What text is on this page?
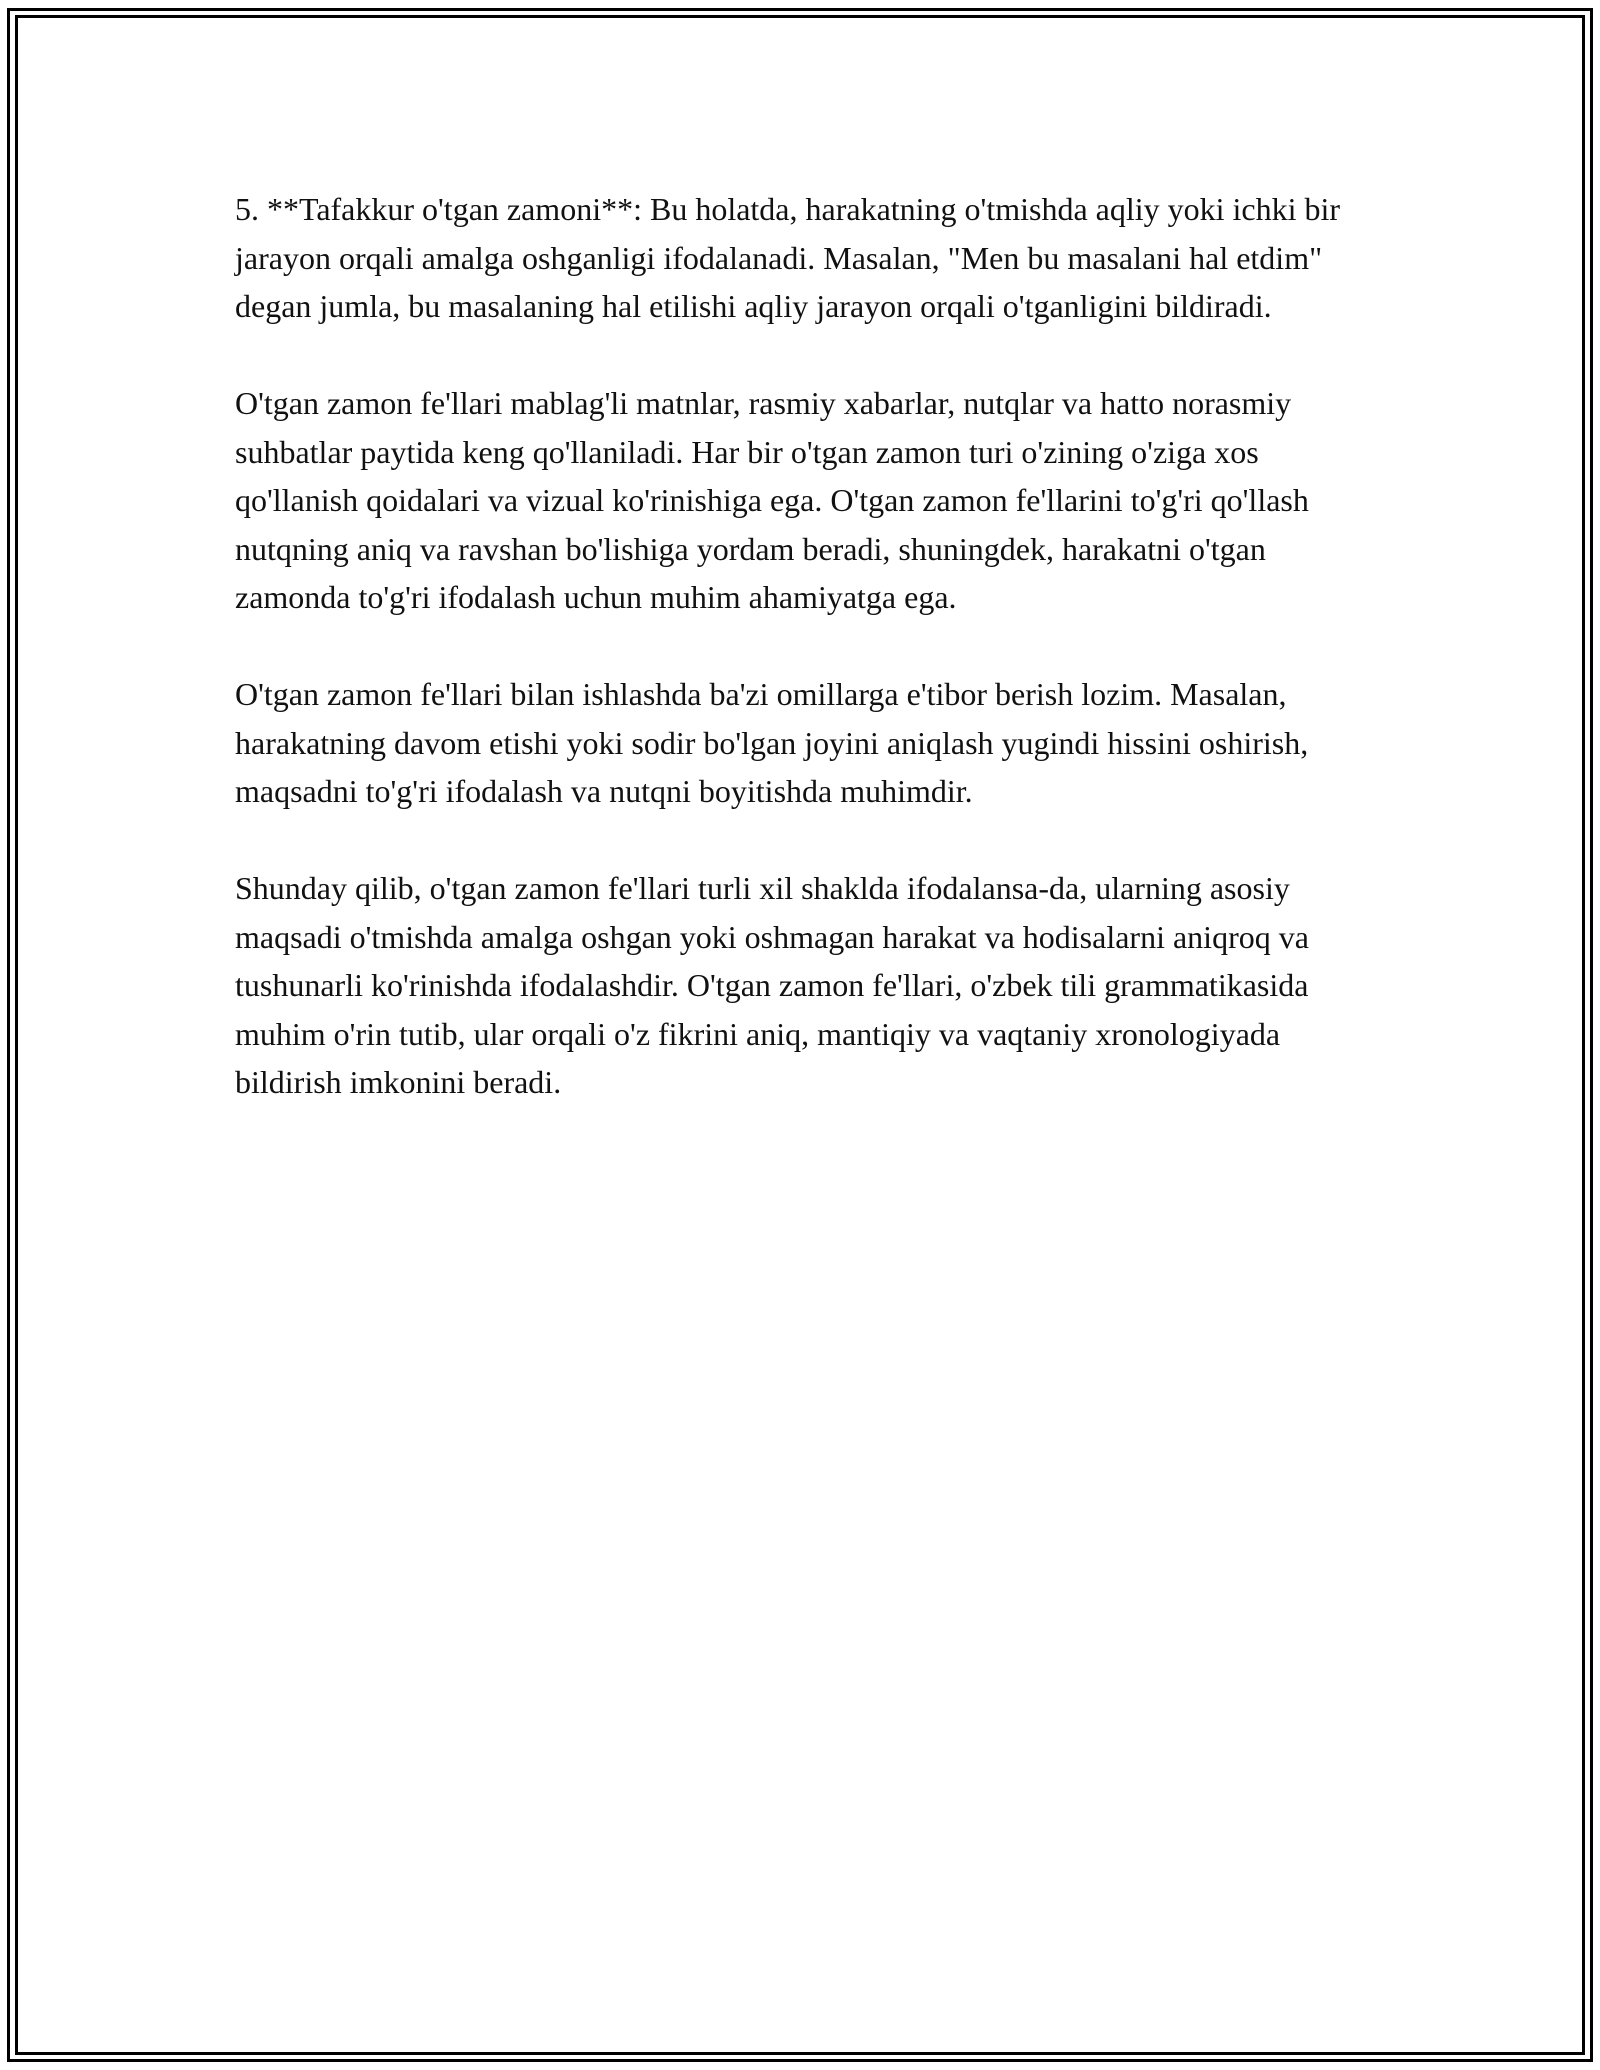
5. **Tafakkur o'tgan zamoni**: Bu holatda, harakatning o'tmishda aqliy yoki ichki bir jarayon orqali amalga oshganligi ifodalanadi. Masalan, "Men bu masalani hal etdim" degan jumla, bu masalaning hal etilishi aqliy jarayon orqali o'tganligini bildiradi.

O'tgan zamon fe'llari mablag'li matnlar, rasmiy xabarlar, nutqlar va hatto norasmiy suhbatlar paytida keng qo'llaniladi. Har bir o'tgan zamon turi o'zining o'ziga xos qo'llanish qoidalari va vizual ko'rinishiga ega. O'tgan zamon fe'llarini to'g'ri qo'llash nutqning aniq va ravshan bo'lishiga yordam beradi, shuningdek, harakatni o'tgan zamonda to'g'ri ifodalash uchun muhim ahamiyatga ega.

O'tgan zamon fe'llari bilan ishlashda ba'zi omillarga e'tibor berish lozim. Masalan, harakatning davom etishi yoki sodir bo'lgan joyini aniqlash yugindi hissini oshirish, maqsadni to'g'ri ifodalash va nutqni boyitishda muhimdir.

Shunday qilib, o'tgan zamon fe'llari turli xil shaklda ifodalansa-da, ularning asosiy maqsadi o'tmishda amalga oshgan yoki oshmagan harakat va hodisalarni aniqroq va tushunarli ko'rinishda ifodalashdir. O'tgan zamon fe'llari, o'zbek tili grammatikasida muhim o'rin tutib, ular orqali o'z fikrini aniq, mantiqiy va vaqtaniy xronologiyada bildirish imkonini beradi.
